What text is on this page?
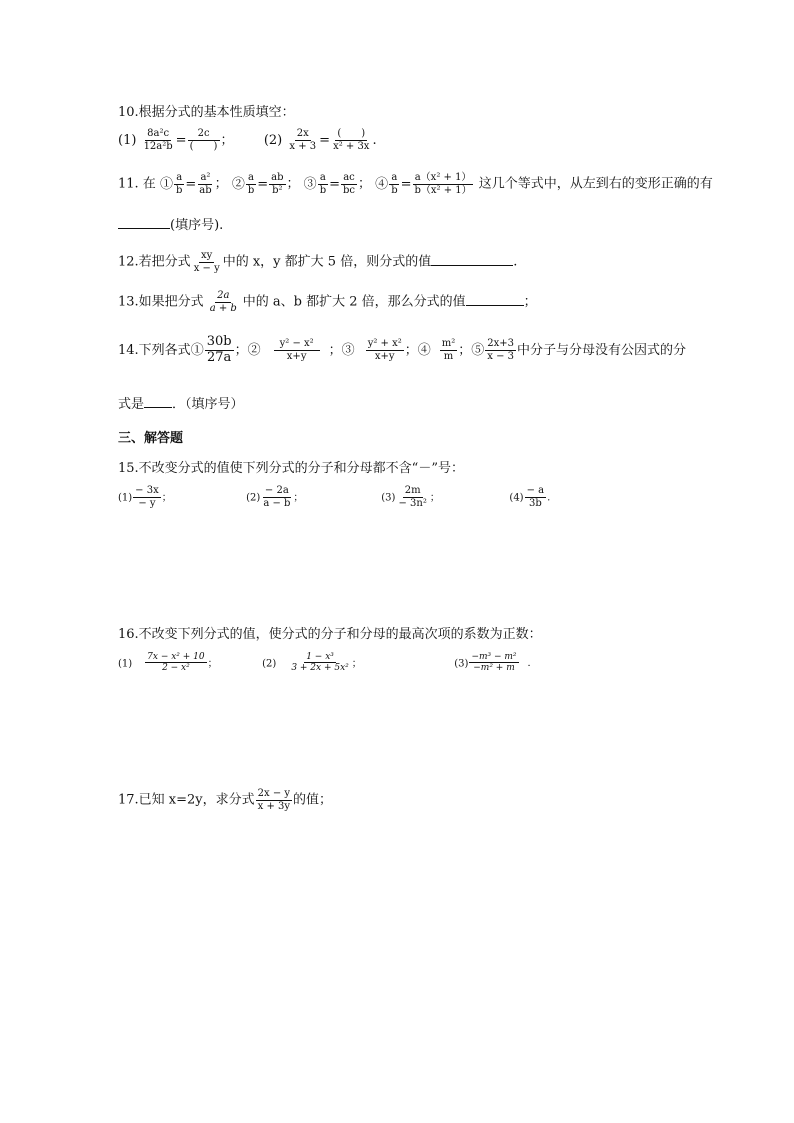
10.根据分式的基本性质填空：
$(1) \frac{\text{8a²c}}{\text{12a²b}} = \frac{2c}{( )}$ ； $(2) \frac{2x}{x + 3} = \frac{( )}{\text{x² + 3x}}$ .
11. 在 ① $\frac{a}{b} = \frac{\text{a²}}{ab}$ ； ② $\frac{a}{b} = \frac{ab}{\text{b²}}$ ； ③ $\frac{a}{b} = \frac{ac}{bc}$ ； ④ $\frac{a}{b} = \frac{\text{a（x² + 1）}}{\text{b（x² + 1）}}$ 这几个等式中，从左到右的变形正确的有
(填序号).
12.若把分式 $\frac{xy}{x - y}$ 中的 x，y 都扩大 5 倍，则分式的值	.
13.如果把分式 $\frac{2a}{a + b}$ 中的 a、b 都扩大 2 倍，那么分式的值	；
14.下列各式① $\frac{30b}{27a}$ ；② $\frac{\text{y² − x²}}{x+y}$ ；③ $\frac{\text{y² + x²}}{x+y}$ ；④ $\frac{\text{m²}}{m}$ ；⑤ $\frac{2x+3}{x - 3}$ 中分子与分母没有公因式的分
式是 ．（填序号）
三、解答题
15.不改变分式的值使下列分式的分子和分母都不含“－”号：
$(1) \frac{- 3x}{- y}$ ；	$(2) \frac{- 2a}{a - b}$ ；	$(3) \frac{2m}{\text{− 3n²}}$ ；	$(4) \frac{- a}{3b}$ .
16.不改变下列分式的值，使分式的分子和分母的最高次项的系数为正数：
$(1) \frac{\text{7x − x² + 10}}{\text{2 − x²}}$ ；	$(2) \frac{\text{1 − x³}}{\text{3 + 2x + 5x²}}$ ；	$(3) \frac{\text{−m³ − m²}}{\text{−m² + m}}$ ．
17.已知 x=2y，求分式 $\frac{2x - y}{x + 3y}$ 的值；
